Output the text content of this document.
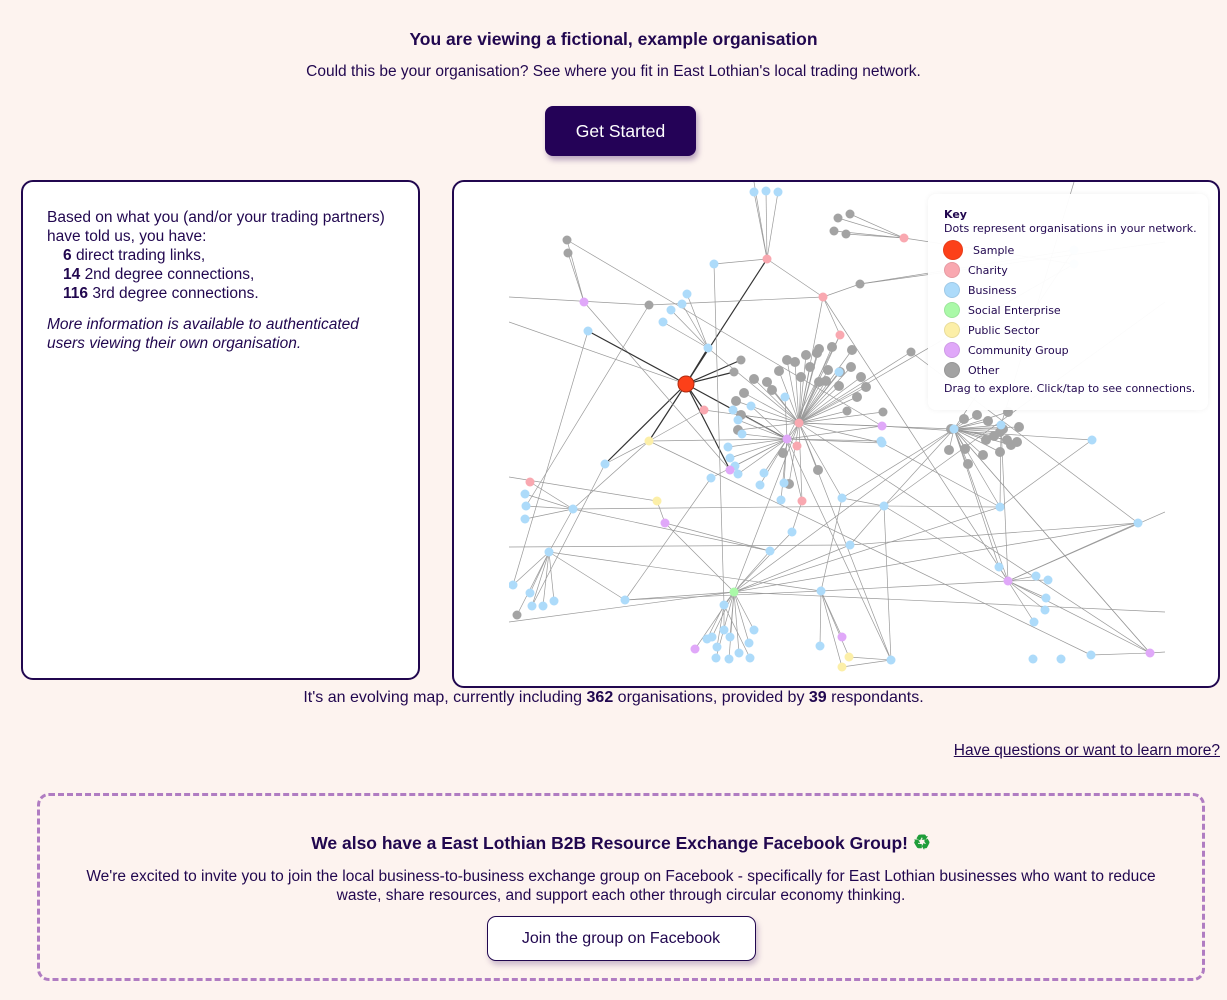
You are viewing a fictional, example organisation
Could this be your organisation? See where you fit in East Lothian's local trading network.
Get Started
Based on what you (and/or your trading partners) have told us, you have:
6 direct trading links,
14 2nd degree connections,
116 3rd degree connections.
More information is available to authenticated users viewing their own organisation.
Key
Dots represent organisations in your network.
Sample
Charity
Business
Social Enterprise
Public Sector
Community Group
Other
Drag to explore. Click/tap to see connections.
It's an evolving map, currently including 362 organisations, provided by 39 respondants.
Have questions or want to learn more?
We also have a East Lothian B2B Resource Exchange Facebook Group! ♻
We're excited to invite you to join the local business-to-business exchange group on Facebook - specifically for East Lothian businesses who want to reduce waste, share resources, and support each other through circular economy thinking.
Join the group on Facebook
